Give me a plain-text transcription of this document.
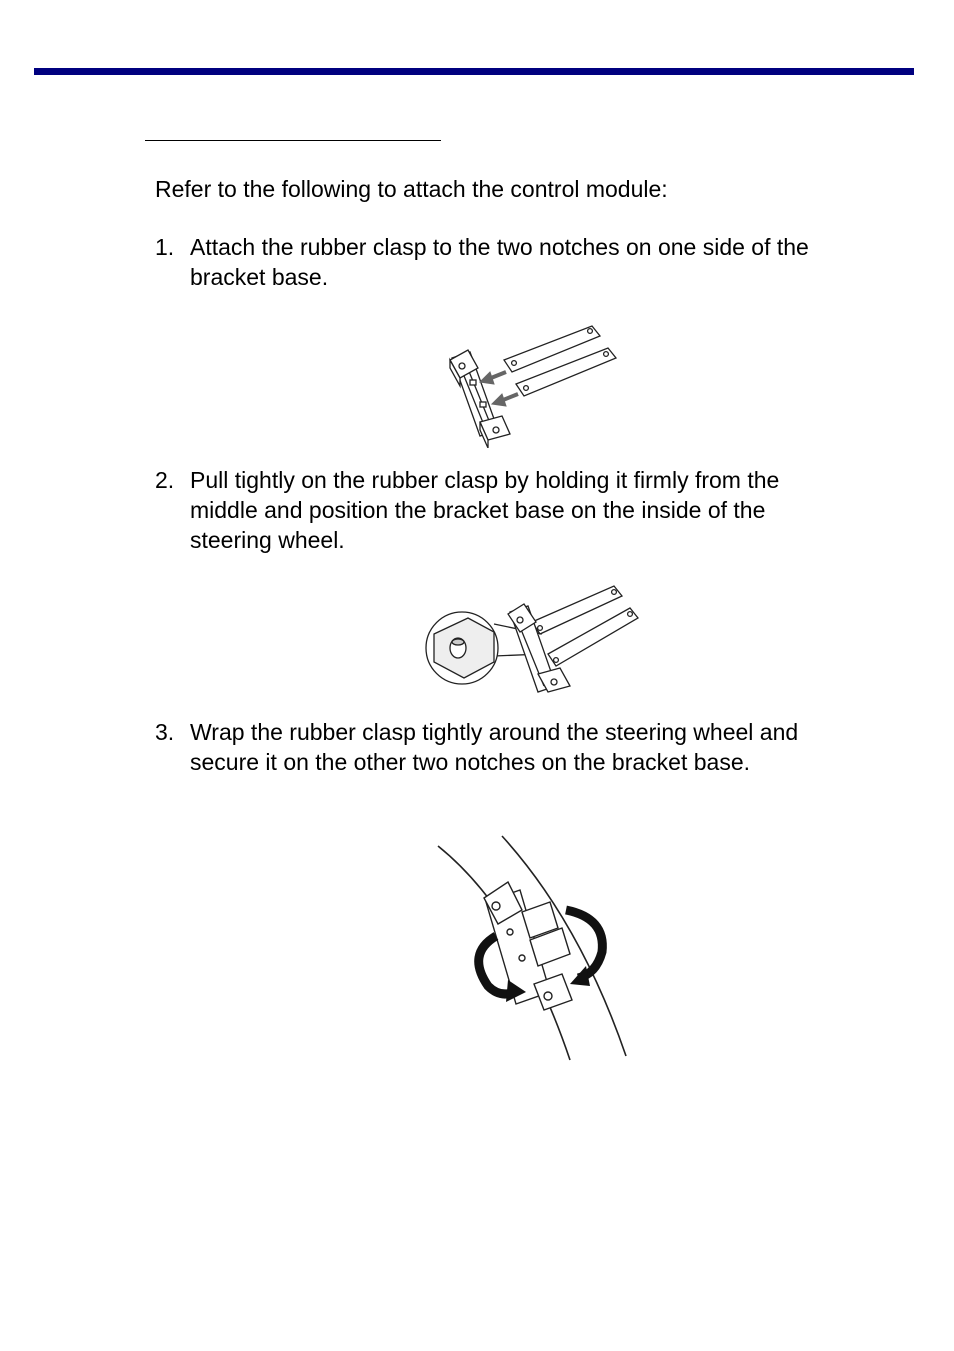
Refer to the following to attach the control module:

1. Attach the rubber clasp to the two notches on one side of the bracket base.
2. Pull tightly on the rubber clasp by holding it firmly from the middle and position the bracket base on the inside of the steering wheel.
3. Wrap the rubber clasp tightly around the steering wheel and secure it on the other two notches on the bracket base.
